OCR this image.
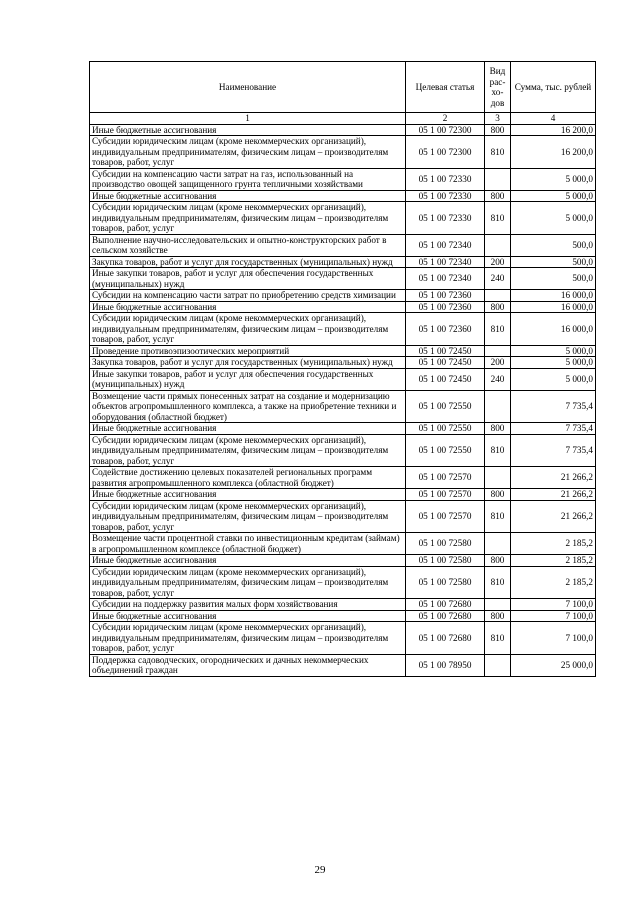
Наименование	Целевая статья	Вид рас- хо- дов	Сумма, тыс. рублей
1	2	3	4
Иные бюджетные ассигнования	05 1 00 72300	800	16 200,0
Субсидии юридическим лицам (кроме некоммерческих организаций), индивидуальным предпринимателям, физическим лицам – производителям товаров, работ, услуг	05 1 00 72300	810	16 200,0
Субсидии на компенсацию части затрат на газ, использованный на производство овощей защищенного грунта тепличными хозяйствами	05 1 00 72330		5 000,0
Иные бюджетные ассигнования	05 1 00 72330	800	5 000,0
Субсидии юридическим лицам (кроме некоммерческих организаций), индивидуальным предпринимателям, физическим лицам – производителям товаров, работ, услуг	05 1 00 72330	810	5 000,0
Выполнение научно-исследовательских и опытно-конструкторских работ в сельском хозяйстве	05 1 00 72340		500,0
Закупка товаров, работ и услуг для государственных (муниципальных) нужд	05 1 00 72340	200	500,0
Иные закупки товаров, работ и услуг для обеспечения государственных (муниципальных) нужд	05 1 00 72340	240	500,0
Субсидии на компенсацию части затрат по приобретению средств химизации	05 1 00 72360		16 000,0
Иные бюджетные ассигнования	05 1 00 72360	800	16 000,0
Субсидии юридическим лицам (кроме некоммерческих организаций), индивидуальным предпринимателям, физическим лицам – производителям товаров, работ, услуг	05 1 00 72360	810	16 000,0
Проведение противоэпизоотических мероприятий	05 1 00 72450		5 000,0
Закупка товаров, работ и услуг для государственных (муниципальных) нужд	05 1 00 72450	200	5 000,0
Иные закупки товаров, работ и услуг для обеспечения государственных (муниципальных) нужд	05 1 00 72450	240	5 000,0
Возмещение части прямых понесенных затрат на создание и модернизацию объектов агропромышленного комплекса, а также на приобретение техники и оборудования (областной бюджет)	05 1 00 72550		7 735,4
Иные бюджетные ассигнования	05 1 00 72550	800	7 735,4
Субсидии юридическим лицам (кроме некоммерческих организаций), индивидуальным предпринимателям, физическим лицам – производителям товаров, работ, услуг	05 1 00 72550	810	7 735,4
Содействие достижению целевых показателей региональных программ развития агропромышленного комплекса (областной бюджет)	05 1 00 72570		21 266,2
Иные бюджетные ассигнования	05 1 00 72570	800	21 266,2
Субсидии юридическим лицам (кроме некоммерческих организаций), индивидуальным предпринимателям, физическим лицам – производителям товаров, работ, услуг	05 1 00 72570	810	21 266,2
Возмещение части процентной ставки по инвестиционным кредитам (займам) в агропромышленном комплексе (областной бюджет)	05 1 00 72580		2 185,2
Иные бюджетные ассигнования	05 1 00 72580	800	2 185,2
Субсидии юридическим лицам (кроме некоммерческих организаций), индивидуальным предпринимателям, физическим лицам – производителям товаров, работ, услуг	05 1 00 72580	810	2 185,2
Субсидии на поддержку развития малых форм хозяйствования	05 1 00 72680		7 100,0
Иные бюджетные ассигнования	05 1 00 72680	800	7 100,0
Субсидии юридическим лицам (кроме некоммерческих организаций), индивидуальным предпринимателям, физическим лицам – производителям товаров, работ, услуг	05 1 00 72680	810	7 100,0
Поддержка садоводческих, огороднических и дачных некоммерческих объединений граждан	05 1 00 78950		25 000,0
29
